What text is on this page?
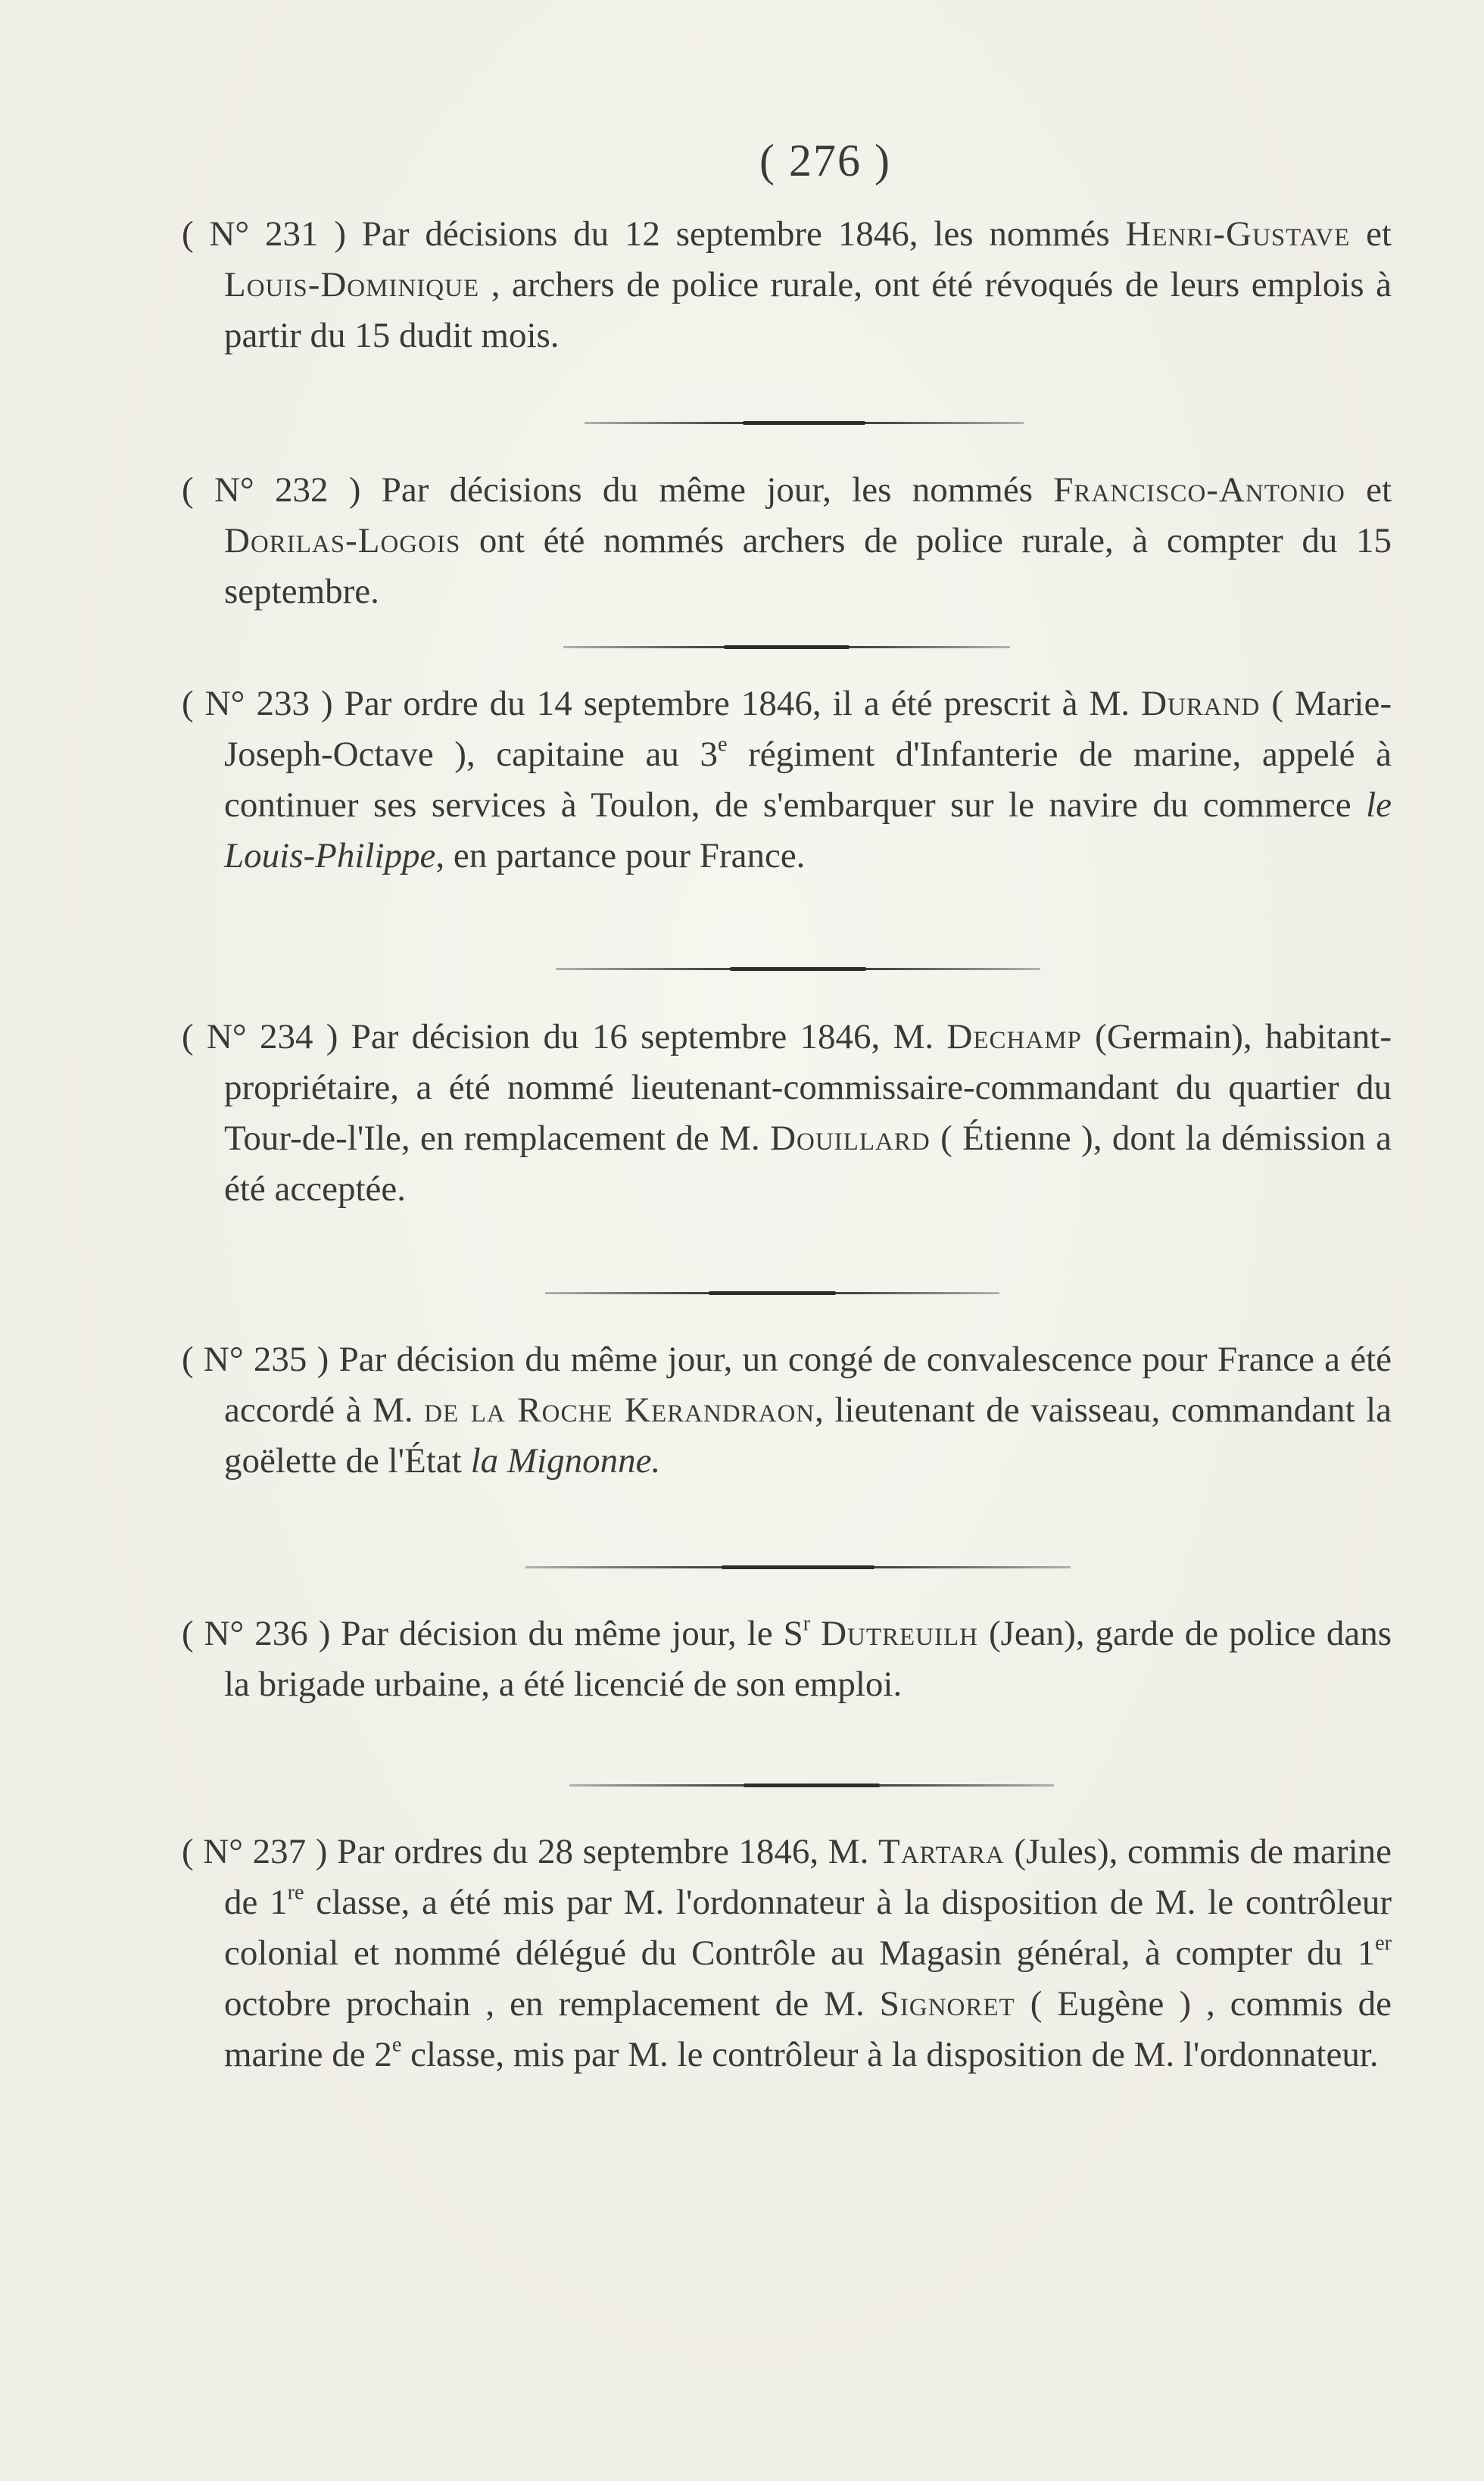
( 276 )
( N° 231 ) Par décisions du 12 septembre 1846, les nommés Henri-Gustave et Louis-Dominique , archers de police rurale, ont été révoqués de leurs emplois à partir du 15 dudit mois.
( N° 232 ) Par décisions du même jour, les nommés Francisco-Antonio et Dorilas-Logois ont été nommés archers de police rurale, à compter du 15 septembre.
( N° 233 ) Par ordre du 14 septembre 1846, il a été prescrit à M. Durand ( Marie-Joseph-Octave ), capitaine au 3e régiment d'Infanterie de marine, appelé à continuer ses services à Toulon, de s'embarquer sur le navire du commerce le Louis-Philippe, en partance pour France.
( N° 234 ) Par décision du 16 septembre 1846, M. Dechamp (Germain), habitant-propriétaire, a été nommé lieutenant-commissaire-commandant du quartier du Tour-de-l'Ile, en remplacement de M. Douillard ( Étienne ), dont la démission a été acceptée.
( N° 235 ) Par décision du même jour, un congé de convalescence pour France a été accordé à M. de la Roche Kerandraon, lieutenant de vaisseau, commandant la goëlette de l'État la Mignonne.
( N° 236 ) Par décision du même jour, le $S^r$ Dutreuilh (Jean), garde de police dans la brigade urbaine, a été licencié de son emploi.
( N° 237 ) Par ordres du 28 septembre 1846, M. Tartara (Jules), commis de marine de 1re classe, a été mis par M. l'ordonnateur à la disposition de M. le contrôleur colonial et nommé délégué du Contrôle au Magasin général, à compter du 1er octobre prochain , en remplacement de M. Signoret ( Eugène ) , commis de marine de 2e classe, mis par M. le contrôleur à la disposition de M. l'ordonnateur.
